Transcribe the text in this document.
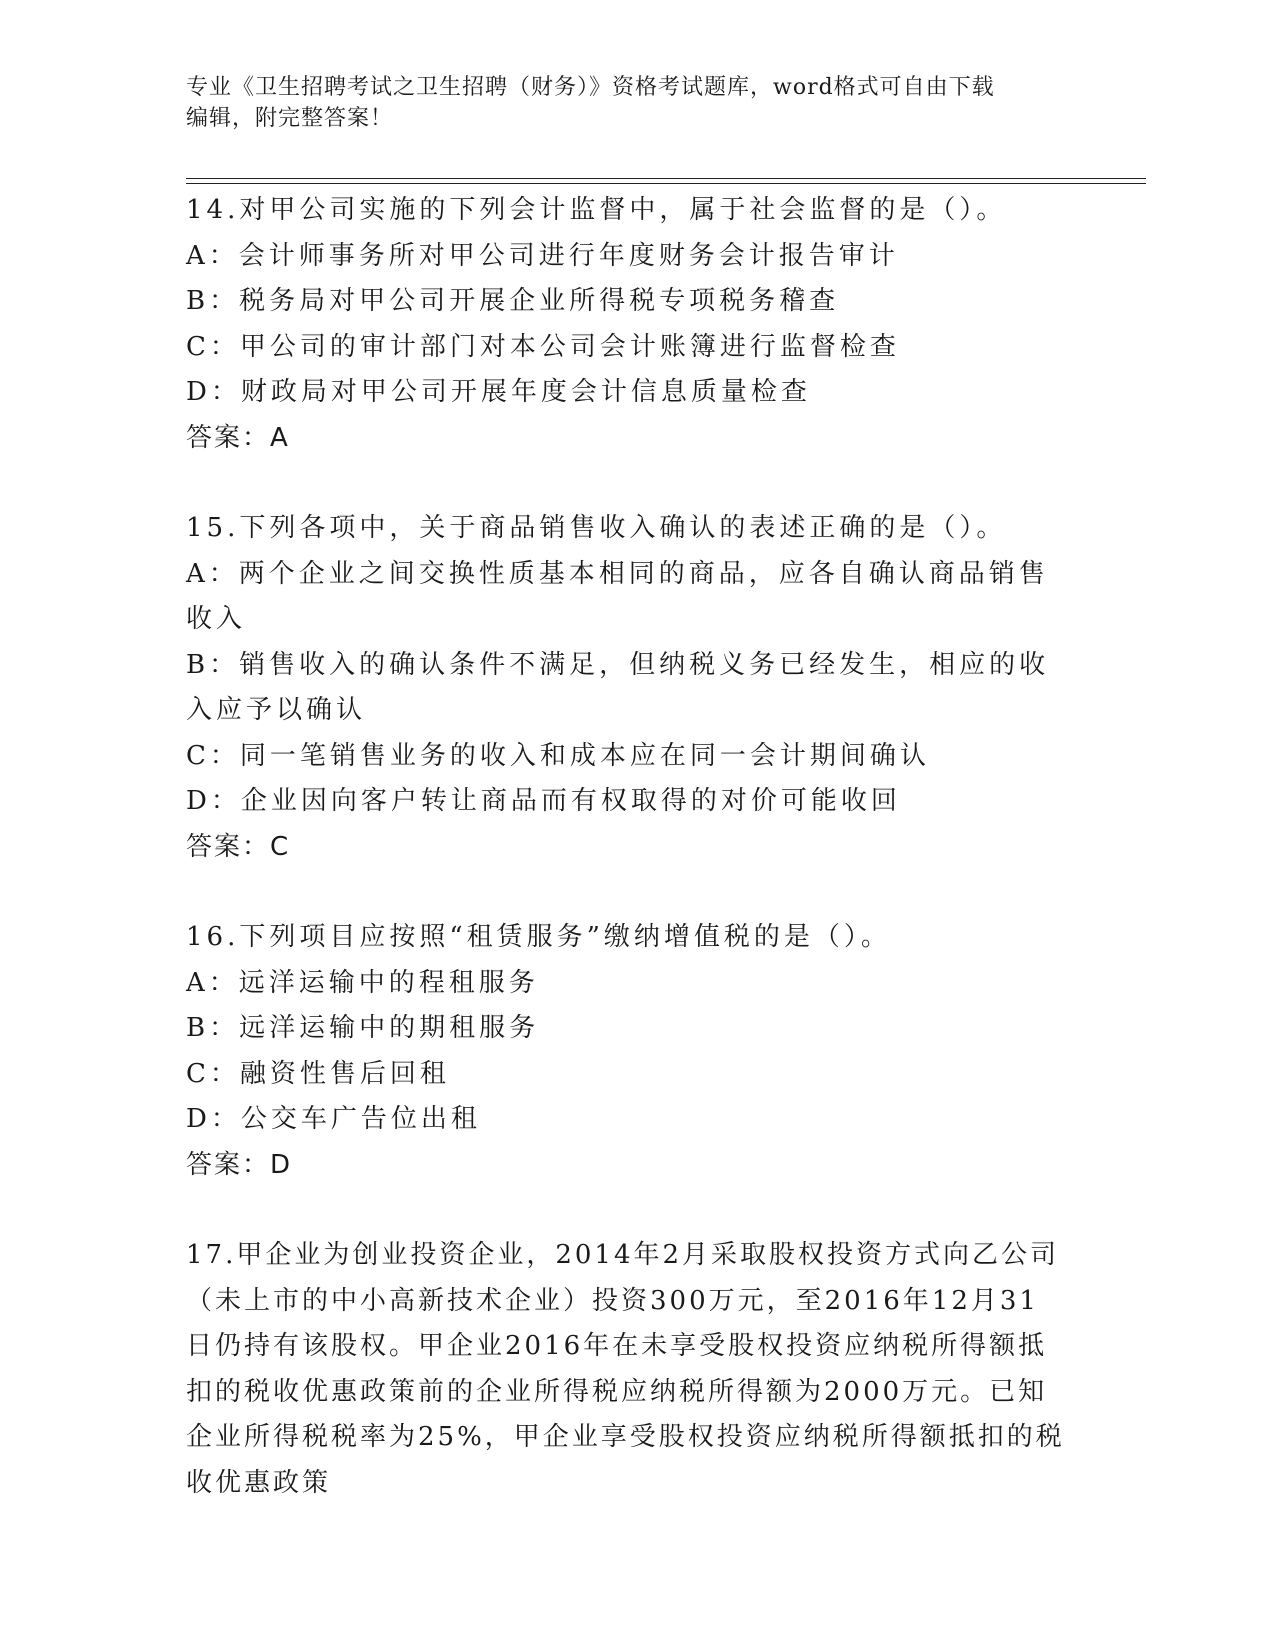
专业《卫生招聘考试之卫生招聘（财务）》资格考试题库，word格式可自由下载
编辑，附完整答案！
14.对甲公司实施的下列会计监督中，属于社会监督的是（）。
A：会计师事务所对甲公司进行年度财务会计报告审计
B：税务局对甲公司开展企业所得税专项税务稽查
C：甲公司的审计部门对本公司会计账簿进行监督检查
D：财政局对甲公司开展年度会计信息质量检查
答案：A
15.下列各项中，关于商品销售收入确认的表述正确的是（）。
A：两个企业之间交换性质基本相同的商品，应各自确认商品销售收入
B：销售收入的确认条件不满足，但纳税义务已经发生，相应的收入应予以确认
C：同一笔销售业务的收入和成本应在同一会计期间确认
D：企业因向客户转让商品而有权取得的对价可能收回
答案：C
16.下列项目应按照“租赁服务”缴纳增值税的是（）。
A：远洋运输中的程租服务
B：远洋运输中的期租服务
C：融资性售后回租
D：公交车广告位出租
答案：D
17.甲企业为创业投资企业，2014年2月采取股权投资方式向乙公司（未上市的中小高新技术企业）投资300万元，至2016年12月31日仍持有该股权。甲企业2016年在未享受股权投资应纳税所得额抵扣的税收优惠政策前的企业所得税应纳税所得额为2000万元。已知企业所得税税率为25%，甲企业享受股权投资应纳税所得额抵扣的税收优惠政策
